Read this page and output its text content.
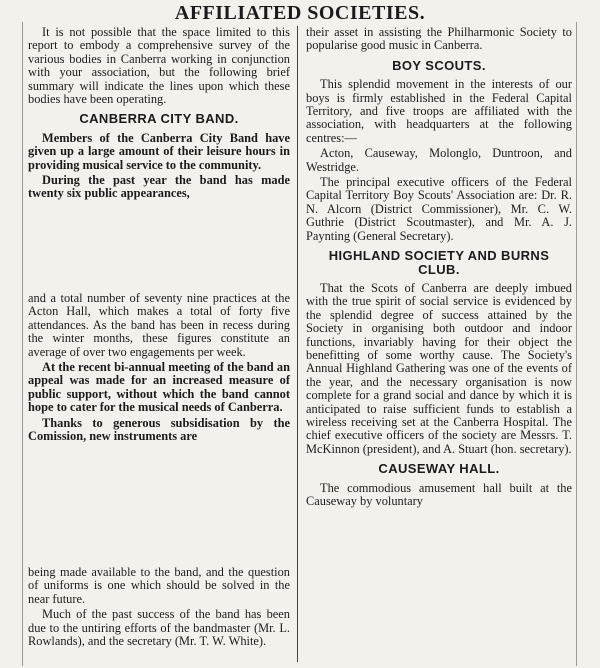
AFFILIATED SOCIETIES.

It is not possible that the space limited to this report to embody a comprehensive survey of the various bodies in Canberra working in conjunction with your association, but the following brief summary will indicate the lines upon which these bodies have been operating.

CANBERRA CITY BAND.

Members of the Canberra City Band have given up a large amount of their leisure hours in providing musical service to the community.

During the past year the band has made twenty six public appearances,

and a total number of seventy nine practices at the Acton Hall, which makes a total of forty five attendances. As the band has been in recess during the winter months, these figures constitute an average of over two engagements per week.

At the recent bi-annual meeting of the band an appeal was made for an increased measure of public support, without which the band cannot hope to cater for the musical needs of Canberra.

Thanks to generous subsidisation by the Comission, new instruments are

being made available to the band, and the question of uniforms is one which should be solved in the near future.

Much of the past success of the band has been due to the untiring efforts of the bandmaster (Mr. L. Rowlands), and the secretary (Mr. T. W. White).

their asset in assisting the Philharmonic Society to popularise good music in Canberra.

BOY SCOUTS.

This splendid movement in the interests of our boys is firmly established in the Federal Capital Territory, and five troops are affiliated with the association, with headquarters at the following centres:—

Acton, Causeway, Molonglo, Duntroon, and Westridge.

The principal executive officers of the Federal Capital Territory Boy Scouts' Association are: Dr. R. N. Alcorn (District Commissioner), Mr. C. W. Guthrie (District Scoutmaster), and Mr. A. J. Paynting (General Secretary).

HIGHLAND SOCIETY AND BURNS CLUB.

That the Scots of Canberra are deeply imbued with the true spirit of social service is evidenced by the splendid degree of success attained by the Society in organising both outdoor and indoor functions, invariably having for their object the benefitting of some worthy cause. The Society's Annual Highland Gathering was one of the events of the year, and the necessary organisation is now complete for a grand social and dance by which it is anticipated to raise sufficient funds to establish a wireless receiving set at the Canberra Hospital. The chief executive officers of the society are Messrs. T. McKinnon (president), and A. Stuart (hon. secretary).

CAUSEWAY HALL.

The commodious amusement hall built at the Causeway by voluntary
